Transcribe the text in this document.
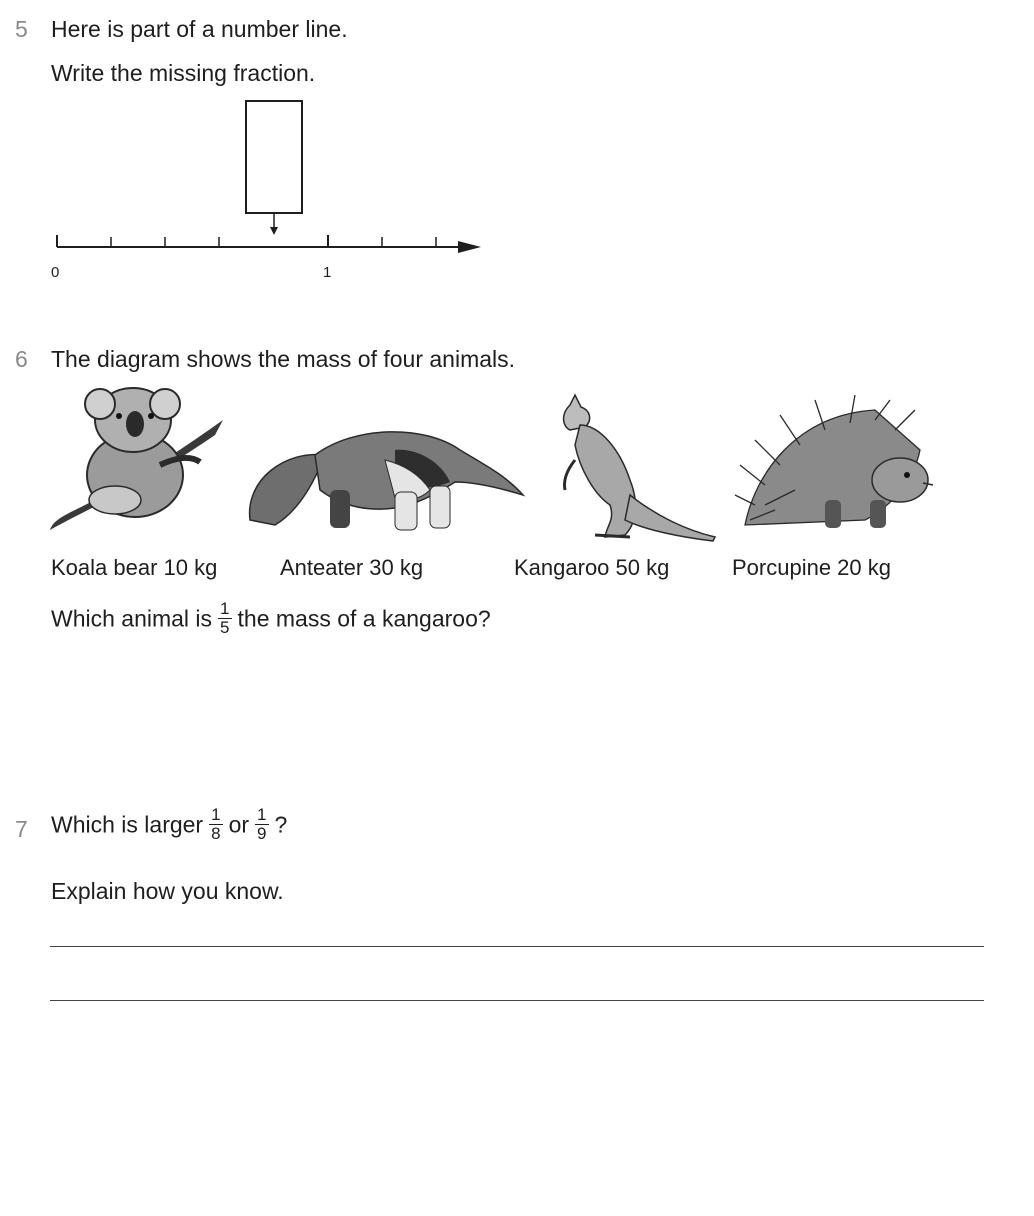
5 Here is part of a number line.
Write the missing fraction.
0	1
6 The diagram shows the mass of four animals.
Koala bear 10 kg	Anteater 30 kg	Kangaroo 50 kg	Porcupine 20 kg
Which animal is $\frac{1}{5}$ the mass of a kangaroo?
7 Which is larger $\frac{1}{8}$ or $\frac{1}{9}$ ?
Explain how you know.
